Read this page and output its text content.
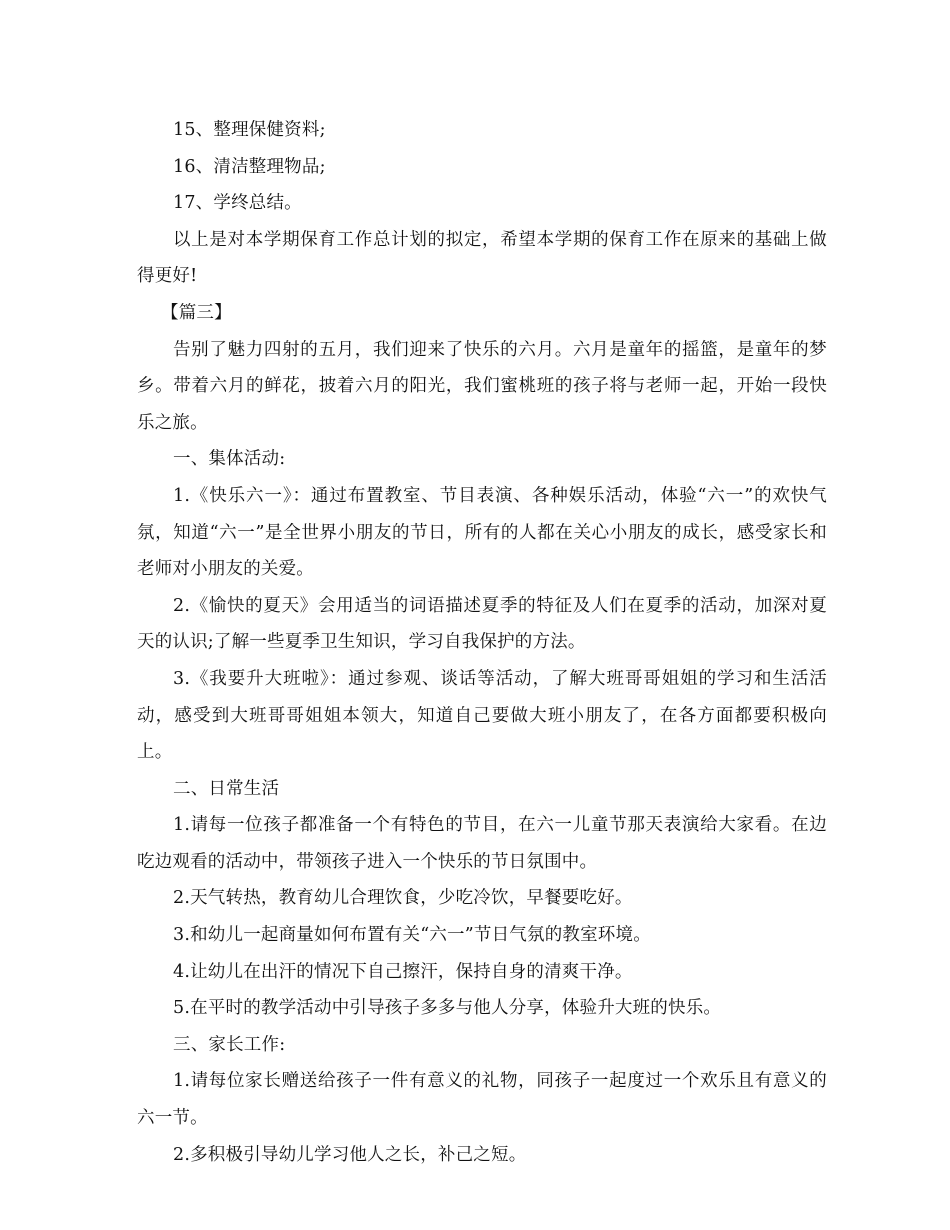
15、整理保健资料;

16、清洁整理物品;

17、学终总结。

以上是对本学期保育工作总计划的拟定，希望本学期的保育工作在原来的基础上做得更好!

【篇三】

告别了魅力四射的五月，我们迎来了快乐的六月。六月是童年的摇篮，是童年的梦乡。带着六月的鲜花，披着六月的阳光，我们蜜桃班的孩子将与老师一起，开始一段快乐之旅。

一、集体活动:

1.《快乐六一》：通过布置教室、节目表演、各种娱乐活动，体验“六一”的欢快气氛，知道“六一”是全世界小朋友的节日，所有的人都在关心小朋友的成长，感受家长和老师对小朋友的关爱。

2.《愉快的夏天》会用适当的词语描述夏季的特征及人们在夏季的活动，加深对夏天的认识;了解一些夏季卫生知识，学习自我保护的方法。

3.《我要升大班啦》：通过参观、谈话等活动，了解大班哥哥姐姐的学习和生活活动，感受到大班哥哥姐姐本领大，知道自己要做大班小朋友了，在各方面都要积极向上。

二、日常生活

1.请每一位孩子都准备一个有特色的节目，在六一儿童节那天表演给大家看。在边吃边观看的活动中，带领孩子进入一个快乐的节日氛围中。

2.天气转热，教育幼儿合理饮食，少吃冷饮，早餐要吃好。

3.和幼儿一起商量如何布置有关“六一”节日气氛的教室环境。

4.让幼儿在出汗的情况下自己擦汗，保持自身的清爽干净。

5.在平时的教学活动中引导孩子多多与他人分享，体验升大班的快乐。

三、家长工作:

1.请每位家长赠送给孩子一件有意义的礼物，同孩子一起度过一个欢乐且有意义的六一节。

2.多积极引导幼儿学习他人之长，补己之短。
